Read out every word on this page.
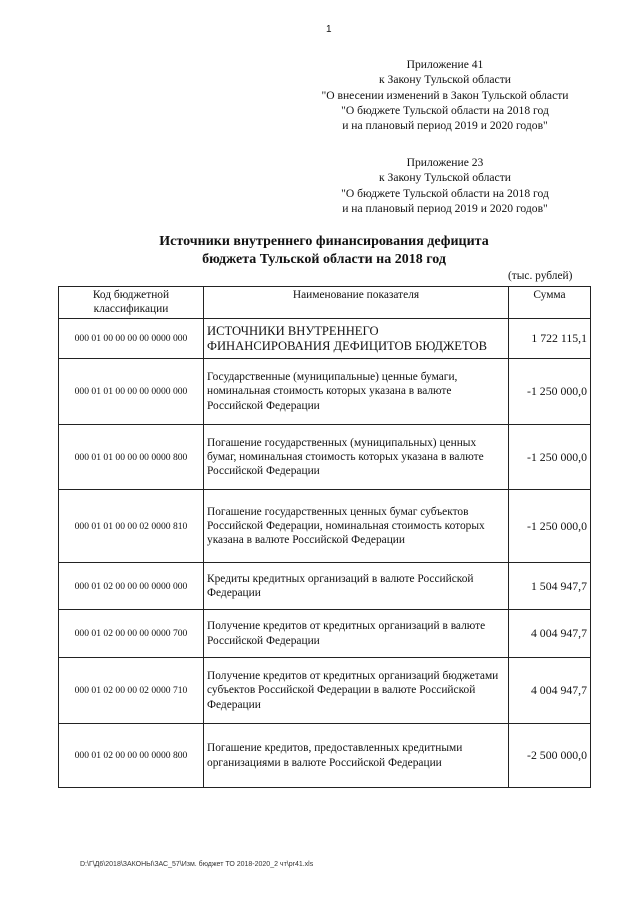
1
Приложение 41
к Закону Тульской области
"О внесении изменений в Закон Тульской области
"О бюджете Тульской области на 2018 год
и на плановый период 2019 и 2020 годов"
Приложение 23
к Закону Тульской области
"О бюджете Тульской области на 2018 год
и на плановый период 2019 и 2020 годов"
Источники внутреннего финансирования дефицита
бюджета Тульской области на 2018 год
(тыс. рублей)
Код бюджетной классификации	Наименование показателя	Сумма
000 01 00 00 00 00 0000 000	ИСТОЧНИКИ ВНУТРЕННЕГО ФИНАНСИРОВАНИЯ ДЕФИЦИТОВ БЮДЖЕТОВ	1 722 115,1
000 01 01 00 00 00 0000 000	Государственные (муниципальные) ценные бумаги, номинальная стоимость которых указана в валюте Российской Федерации	-1 250 000,0
000 01 01 00 00 00 0000 800	Погашение государственных (муниципальных) ценных бумаг, номинальная стоимость которых указана в валюте Российской Федерации	-1 250 000,0
000 01 01 00 00 02 0000 810	Погашение государственных ценных бумаг субъектов Российской Федерации, номинальная стоимость которых указана в валюте Российской Федерации	-1 250 000,0
000 01 02 00 00 00 0000 000	Кредиты кредитных организаций в валюте Российской Федерации	1 504 947,7
000 01 02 00 00 00 0000 700	Получение кредитов от кредитных организаций в валюте Российской Федерации	4 004 947,7
000 01 02 00 00 02 0000 710	Получение кредитов от кредитных организаций бюджетами субъектов Российской Федерации в валюте Российской Федерации	4 004 947,7
000 01 02 00 00 00 0000 800	Погашение кредитов, предоставленных кредитными организациями в валюте Российской Федерации	-2 500 000,0
D:\Г\Д6\2018\ЗАКОНЫ\ЗАС_57\Изм. бюджет ТО 2018-2020_2 чт\pr41.xls
